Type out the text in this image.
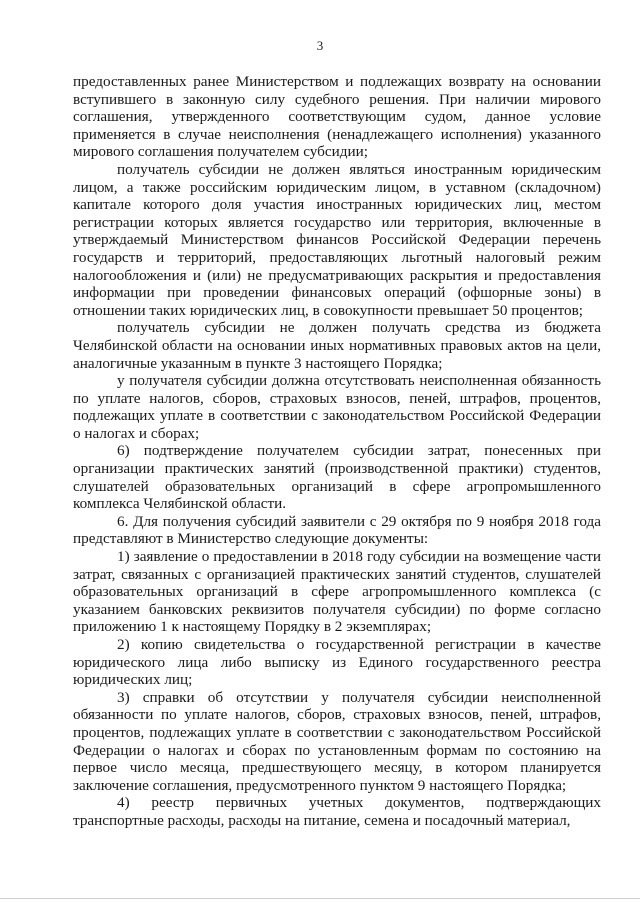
3

предоставленных ранее Министерством и подлежащих возврату на основании вступившего в законную силу судебного решения. При наличии мирового соглашения, утвержденного соответствующим судом, данное условие применяется в случае неисполнения (ненадлежащего исполнения) указанного мирового соглашения получателем субсидии;

получатель субсидии не должен являться иностранным юридическим лицом, а также российским юридическим лицом, в уставном (складочном) капитале которого доля участия иностранных юридических лиц, местом регистрации которых является государство или территория, включенные в утверждаемый Министерством финансов Российской Федерации перечень государств и территорий, предоставляющих льготный налоговый режим налогообложения и (или) не предусматривающих раскрытия и предоставления информации при проведении финансовых операций (офшорные зоны) в отношении таких юридических лиц, в совокупности превышает 50 процентов;

получатель субсидии не должен получать средства из бюджета Челябинской области на основании иных нормативных правовых актов на цели, аналогичные указанным в пункте 3 настоящего Порядка;

у получателя субсидии должна отсутствовать неисполненная обязанность по уплате налогов, сборов, страховых взносов, пеней, штрафов, процентов, подлежащих уплате в соответствии с законодательством Российской Федерации о налогах и сборах;

6) подтверждение получателем субсидии затрат, понесенных при организации практических занятий (производственной практики) студентов, слушателей образовательных организаций в сфере агропромышленного комплекса Челябинской области.

6. Для получения субсидий заявители с 29 октября по 9 ноября 2018 года представляют в Министерство следующие документы:

1) заявление о предоставлении в 2018 году субсидии на возмещение части затрат, связанных с организацией практических занятий студентов, слушателей образовательных организаций в сфере агропромышленного комплекса (с указанием банковских реквизитов получателя субсидии) по форме согласно приложению 1 к настоящему Порядку в 2 экземплярах;

2) копию свидетельства о государственной регистрации в качестве юридического лица либо выписку из Единого государственного реестра юридических лиц;

3) справки об отсутствии у получателя субсидии неисполненной обязанности по уплате налогов, сборов, страховых взносов, пеней, штрафов, процентов, подлежащих уплате в соответствии с законодательством Российской Федерации о налогах и сборах по установленным формам по состоянию на первое число месяца, предшествующего месяцу, в котором планируется заключение соглашения, предусмотренного пунктом 9 настоящего Порядка;

4) реестр первичных учетных документов, подтверждающих транспортные расходы, расходы на питание, семена и посадочный материал,
